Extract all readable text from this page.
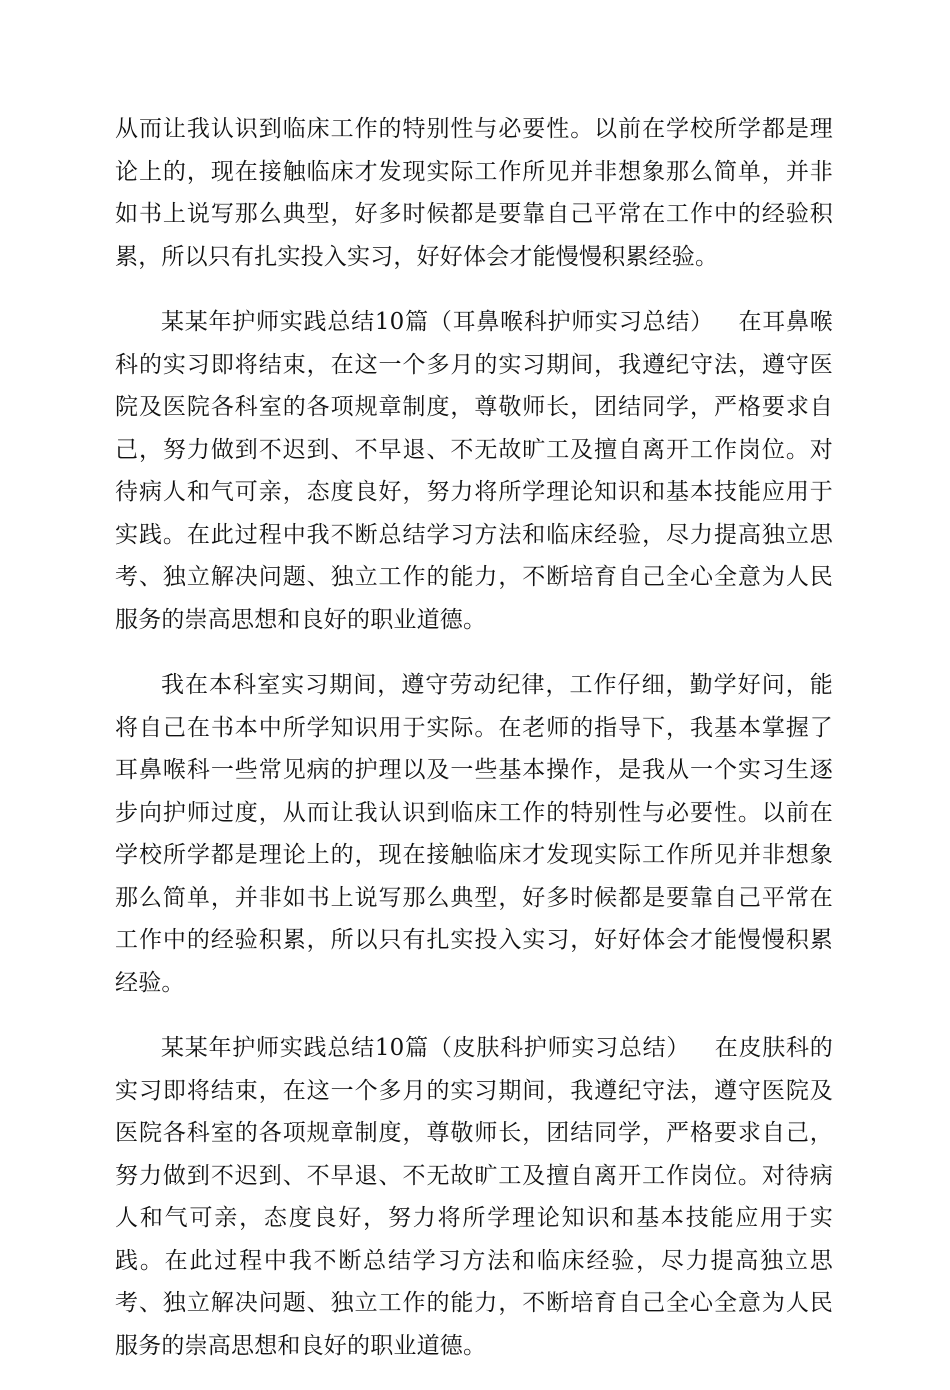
从而让我认识到临床工作的特别性与必要性。以前在学校所学都是理论上的，现在接触临床才发现实际工作所见并非想象那么简单，并非如书上说写那么典型，好多时候都是要靠自己平常在工作中的经验积累，所以只有扎实投入实习，好好体会才能慢慢积累经验。

某某年护师实践总结10篇（耳鼻喉科护师实习总结） 在耳鼻喉科的实习即将结束，在这一个多月的实习期间，我遵纪守法，遵守医院及医院各科室的各项规章制度，尊敬师长，团结同学，严格要求自己，努力做到不迟到、不早退、不无故旷工及擅自离开工作岗位。对待病人和气可亲，态度良好，努力将所学理论知识和基本技能应用于实践。在此过程中我不断总结学习方法和临床经验，尽力提高独立思考、独立解决问题、独立工作的能力，不断培育自己全心全意为人民服务的崇高思想和良好的职业道德。

我在本科室实习期间，遵守劳动纪律，工作仔细，勤学好问，能将自己在书本中所学知识用于实际。在老师的指导下，我基本掌握了耳鼻喉科一些常见病的护理以及一些基本操作，是我从一个实习生逐步向护师过度，从而让我认识到临床工作的特别性与必要性。以前在学校所学都是理论上的，现在接触临床才发现实际工作所见并非想象那么简单，并非如书上说写那么典型，好多时候都是要靠自己平常在工作中的经验积累，所以只有扎实投入实习，好好体会才能慢慢积累经验。

某某年护师实践总结10篇（皮肤科护师实习总结） 在皮肤科的实习即将结束，在这一个多月的实习期间，我遵纪守法，遵守医院及医院各科室的各项规章制度，尊敬师长，团结同学，严格要求自己，努力做到不迟到、不早退、不无故旷工及擅自离开工作岗位。对待病人和气可亲，态度良好，努力将所学理论知识和基本技能应用于实践。在此过程中我不断总结学习方法和临床经验，尽力提高独立思考、独立解决问题、独立工作的能力，不断培育自己全心全意为人民服务的崇高思想和良好的职业道德。
